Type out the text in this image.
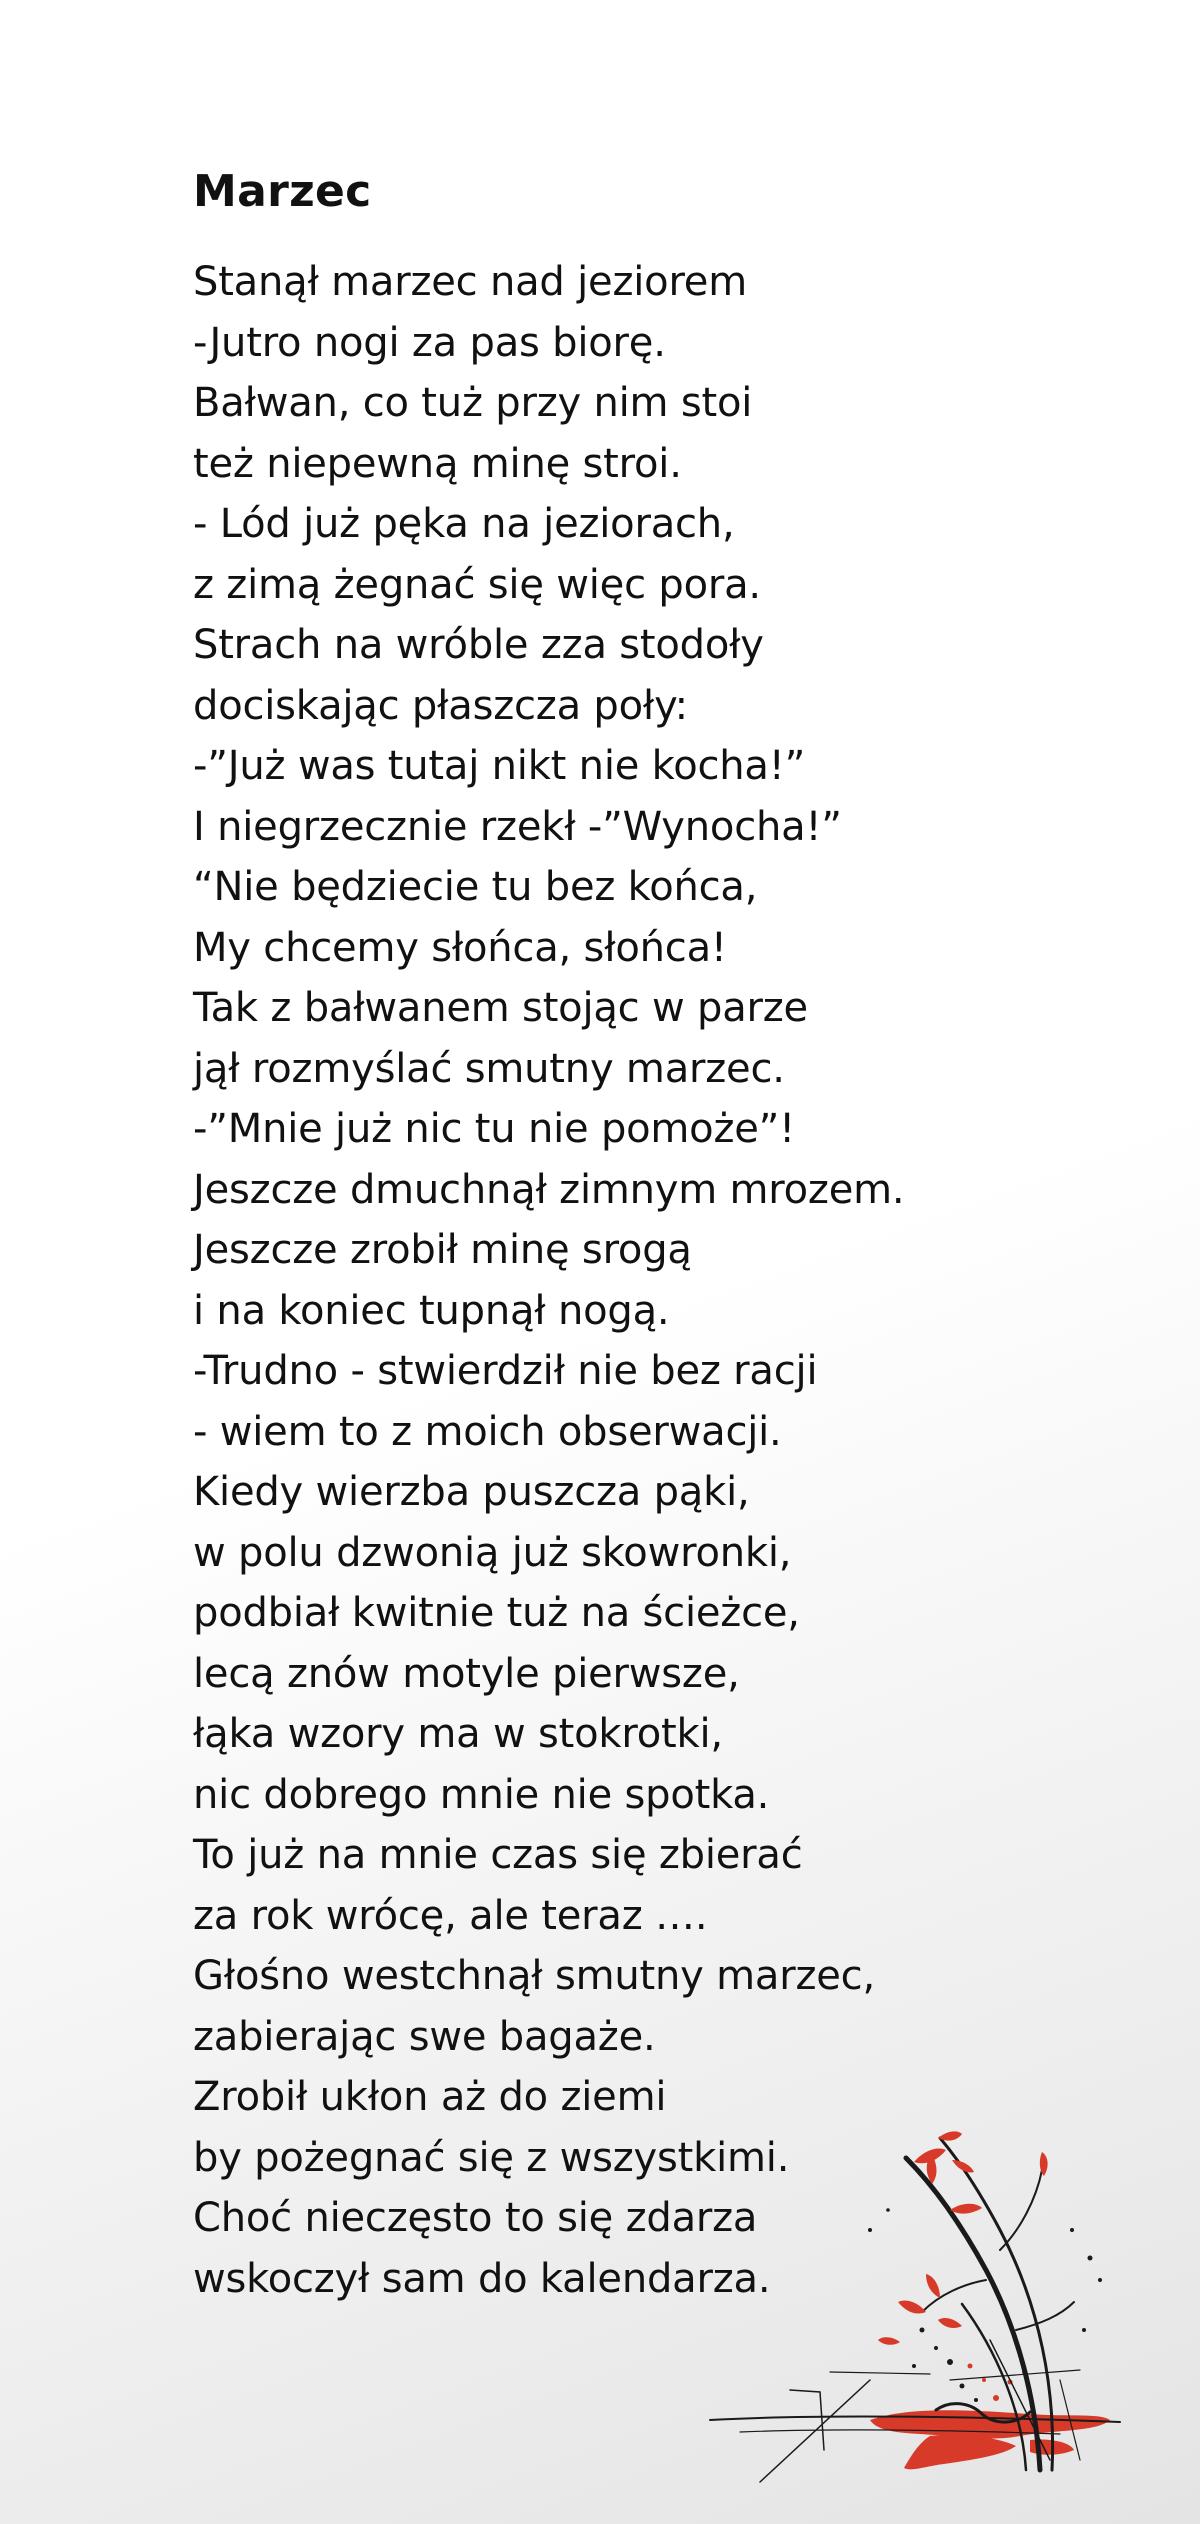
Marzec
Stanął marzec nad jeziorem
-Jutro nogi za pas biorę.
Bałwan, co tuż przy nim stoi
też niepewną minę stroi.
- Lód już pęka na jeziorach,
z zimą żegnać się więc pora.
Strach na wróble zza stodoły
dociskając płaszcza poły:
-”Już was tutaj nikt nie kocha!”
I niegrzecznie rzekł -”Wynocha!”
“Nie będziecie tu bez końca,
My chcemy słońca, słońca!
Tak z bałwanem stojąc w parze
jął rozmyślać smutny marzec.
-”Mnie już nic tu nie pomoże”!
Jeszcze dmuchnął zimnym mrozem.
Jeszcze zrobił minę srogą
i na koniec tupnął nogą.
-Trudno - stwierdził nie bez racji
- wiem to z moich obserwacji.
Kiedy wierzba puszcza pąki,
w polu dzwonią już skowronki,
podbiał kwitnie tuż na ścieżce,
lecą znów motyle pierwsze,
łąka wzory ma w stokrotki,
nic dobrego mnie nie spotka.
To już na mnie czas się zbierać
za rok wrócę, ale teraz ….
Głośno westchnął smutny marzec,
zabierając swe bagaże.
Zrobił ukłon aż do ziemi
by pożegnać się z wszystkimi.
Choć nieczęsto to się zdarza
wskoczył sam do kalendarza.
